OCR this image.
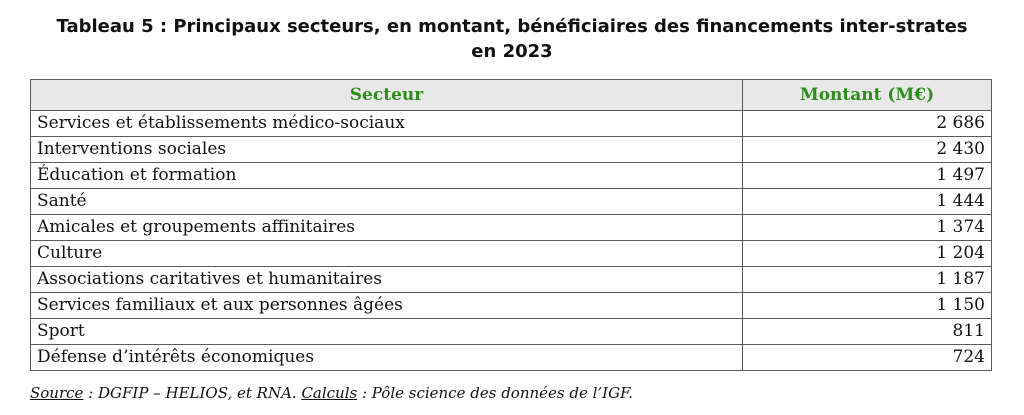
Tableau 5 : Principaux secteurs, en montant, bénéficiaires des financements inter-strates
en 2023
Secteur	Montant (M€)
Services et établissements médico-sociaux	2 686
Interventions sociales	2 430
Éducation et formation	1 497
Santé	1 444
Amicales et groupements affinitaires	1 374
Culture	1 204
Associations caritatives et humanitaires	1 187
Services familiaux et aux personnes âgées	1 150
Sport	811
Défense d’intérêts économiques	724
Source : DGFIP – HELIOS, et RNA. Calculs : Pôle science des données de l’IGF.
